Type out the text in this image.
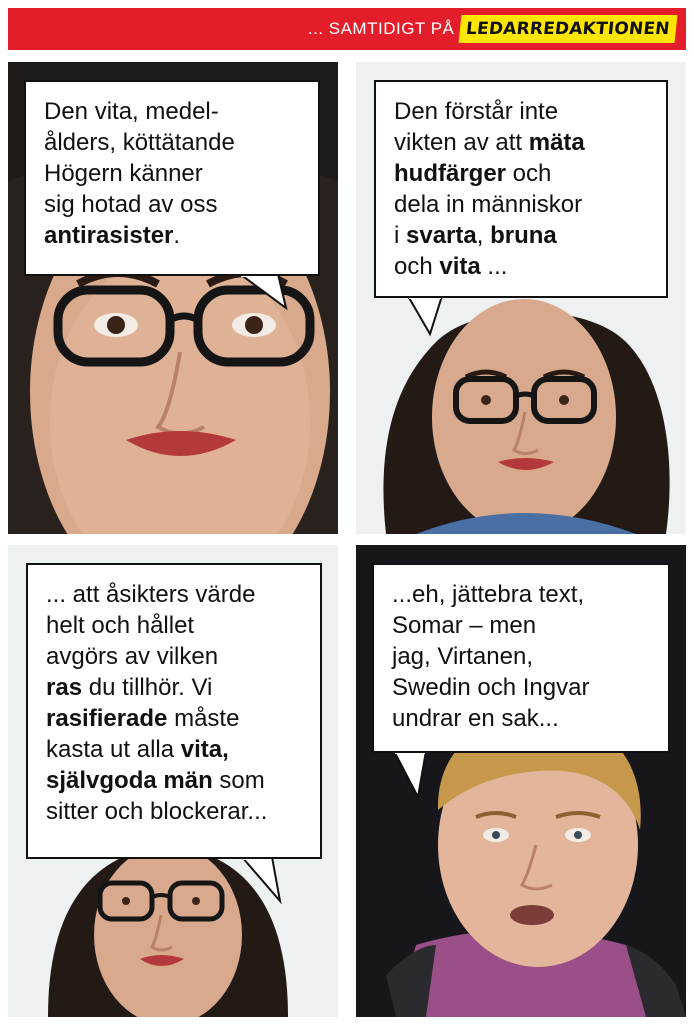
... SAMTIDIGT PÅ LEDARREDAKTIONEN
Den vita, medel-
ålders, köttätande
Högern känner
sig hotad av oss
antirasister.
Den förstår inte
vikten av att mäta
hudfärger och
dela in människor
i svarta, bruna
och vita ...
... att åsikters värde
helt och hållet
avgörs av vilken
ras du tillhör. Vi
rasifierade måste
kasta ut alla vita,
självgoda män som
sitter och blockerar...
...eh, jättebra text,
Somar – men
jag, Virtanen,
Swedin och Ingvar
undrar en sak...
